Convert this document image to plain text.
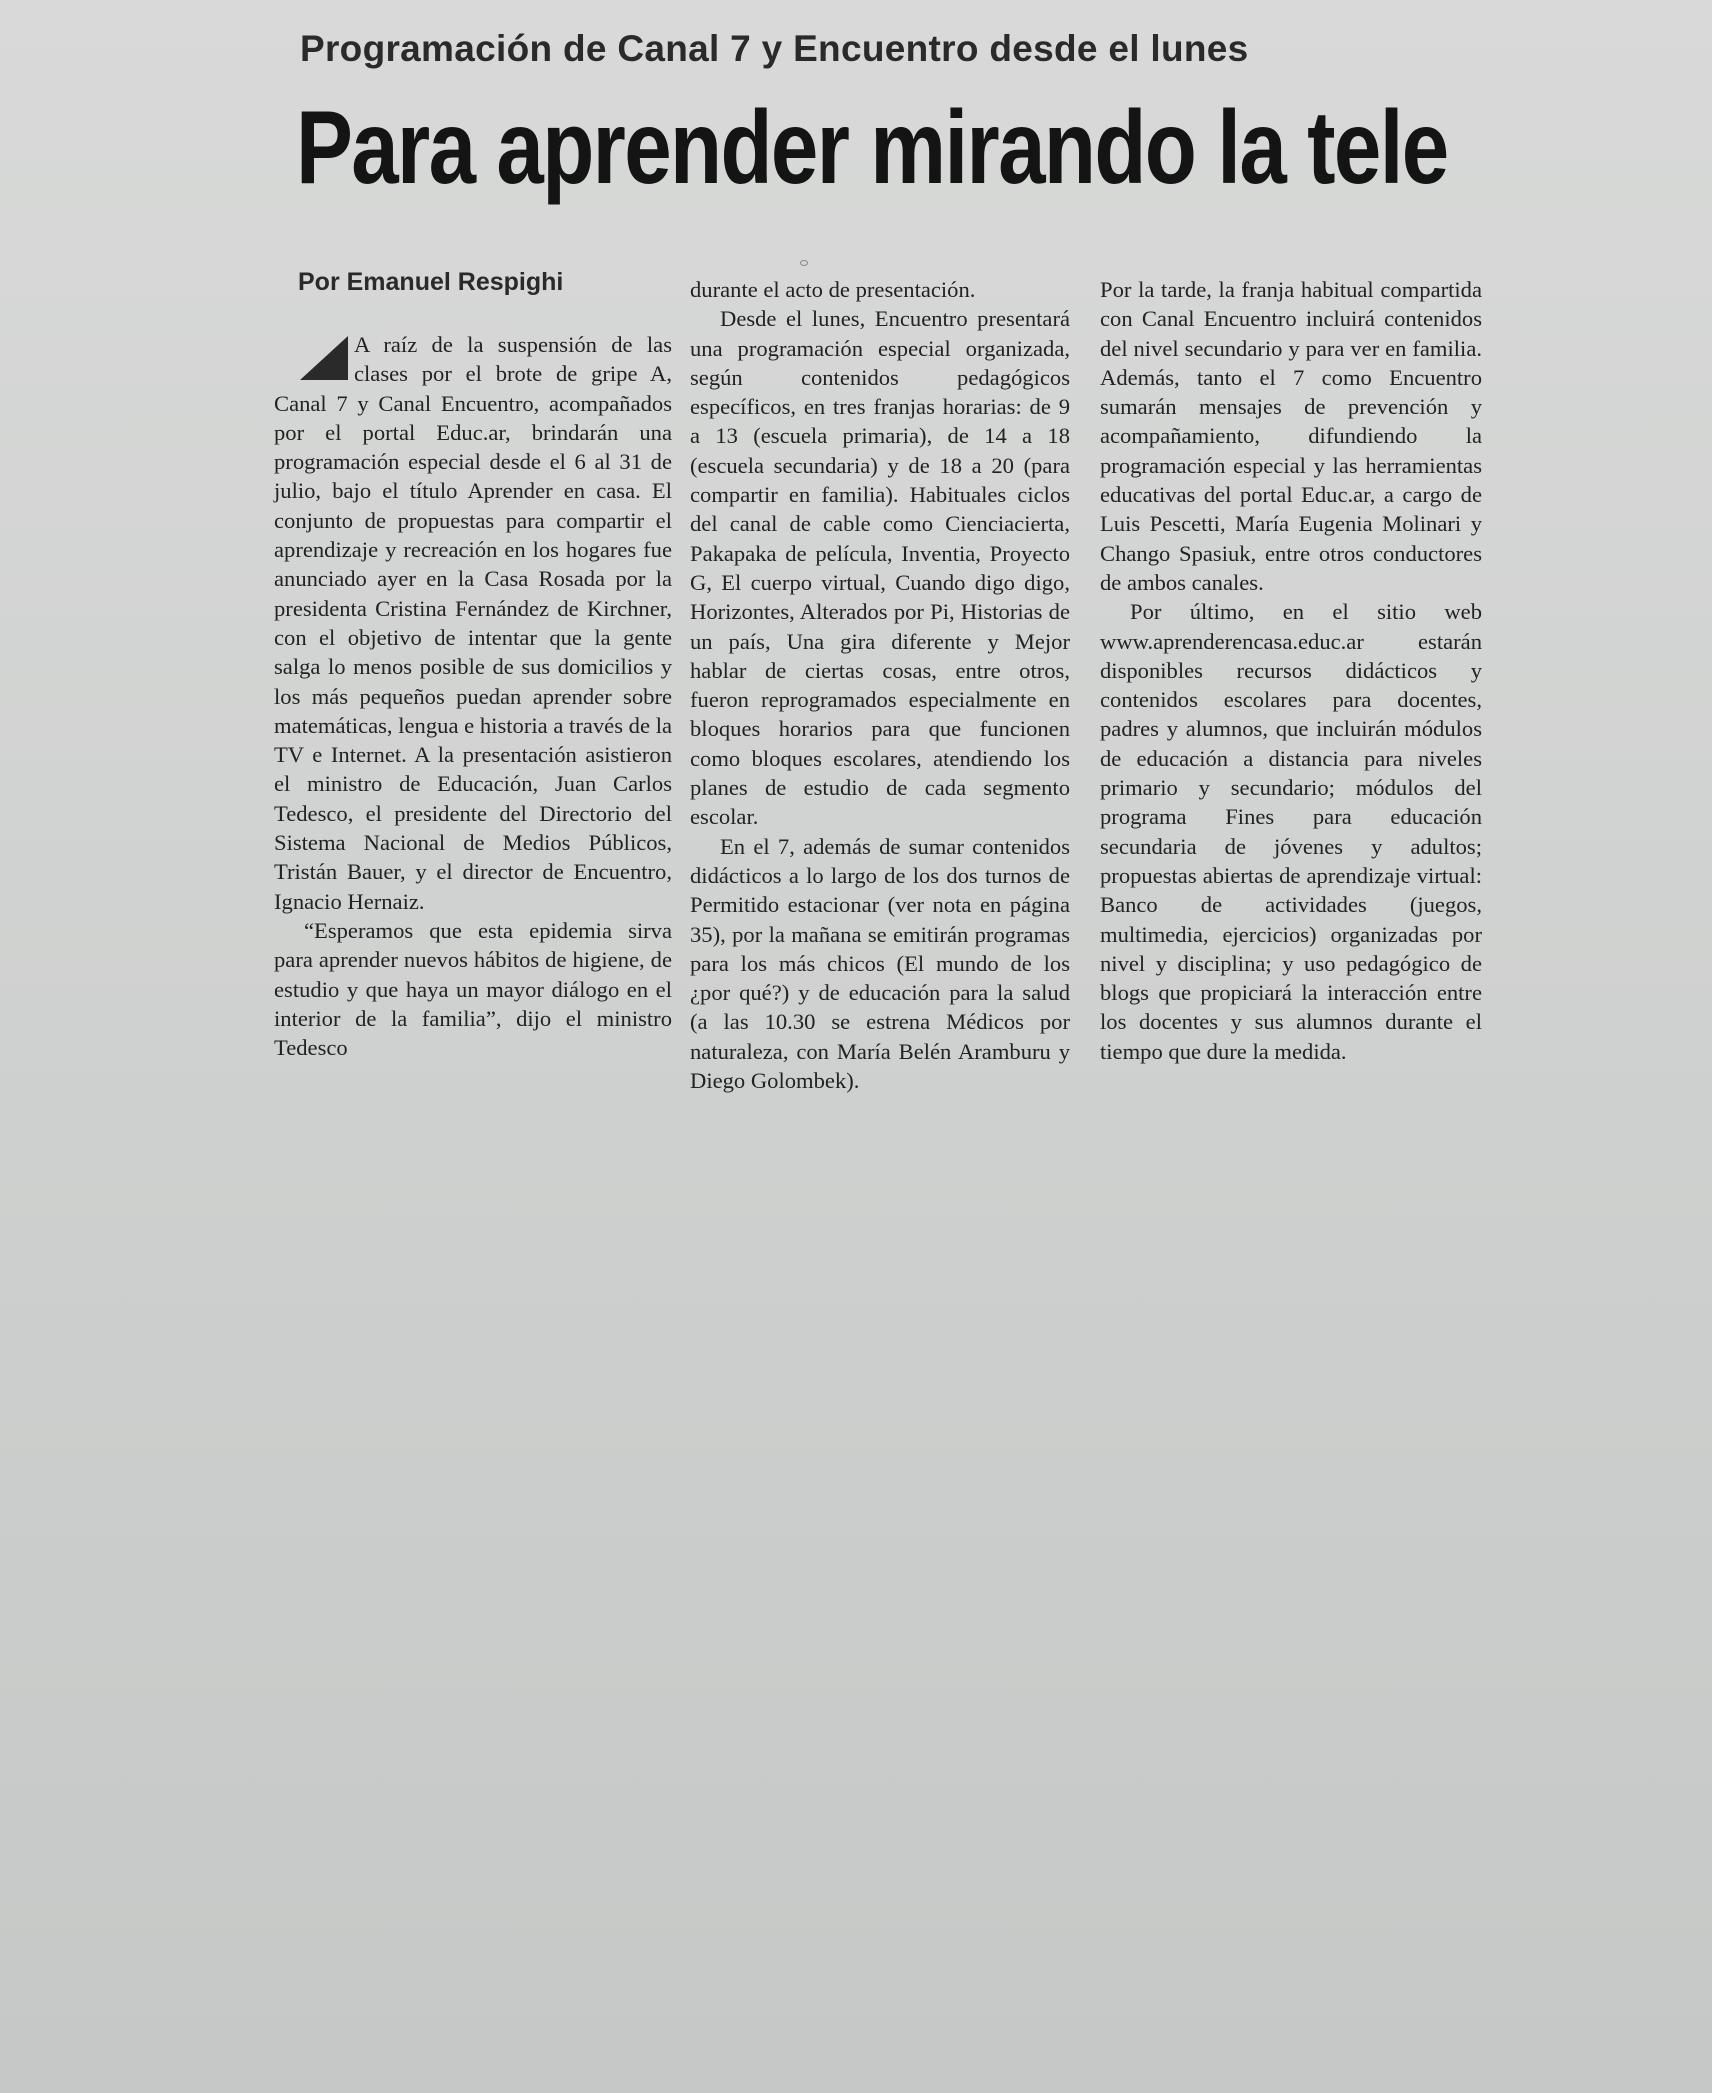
Programación de Canal 7 y Encuentro desde el lunes
Para aprender mirando la tele
Por Emanuel Respighi

A raíz de la suspensión de las clases por el brote de gripe A, Canal 7 y Canal Encuentro, acompañados por el portal Educ.ar, brindarán una programación especial desde el 6 al 31 de julio, bajo el título Aprender en casa. El conjunto de propuestas para compartir el aprendizaje y recreación en los hogares fue anunciado ayer en la Casa Rosada por la presidenta Cristina Fernández de Kirchner, con el objetivo de intentar que la gente salga lo menos posible de sus domicilios y los más pequeños puedan aprender sobre matemáticas, lengua e historia a través de la TV e Internet. A la presentación asistieron el ministro de Educación, Juan Carlos Tedesco, el presidente del Directorio del Sistema Nacional de Medios Públicos, Tristán Bauer, y el director de Encuentro, Ignacio Hernaiz.

“Esperamos que esta epidemia sirva para aprender nuevos hábitos de higiene, de estudio y que haya un mayor diálogo en el interior de la familia”, dijo el ministro Tedesco

durante el acto de presentación.

Desde el lunes, Encuentro presentará una programación especial organizada, según contenidos pedagógicos específicos, en tres franjas horarias: de 9 a 13 (escuela primaria), de 14 a 18 (escuela secundaria) y de 18 a 20 (para compartir en familia). Habituales ciclos del canal de cable como Cienciacierta, Pakapaka de película, Inventia, Proyecto G, El cuerpo virtual, Cuando digo digo, Horizontes, Alterados por Pi, Historias de un país, Una gira diferente y Mejor hablar de ciertas cosas, entre otros, fueron reprogramados especialmente en bloques horarios para que funcionen como bloques escolares, atendiendo los planes de estudio de cada segmento escolar.

En el 7, además de sumar contenidos didácticos a lo largo de los dos turnos de Permitido estacionar (ver nota en página 35), por la mañana se emitirán programas para los más chicos (El mundo de los ¿por qué?) y de educación para la salud (a las 10.30 se estrena Médicos por naturaleza, con María Belén Aramburu y Diego Golombek).

Por la tarde, la franja habitual compartida con Canal Encuentro incluirá contenidos del nivel secundario y para ver en familia. Además, tanto el 7 como Encuentro sumarán mensajes de prevención y acompañamiento, difundiendo la programación especial y las herramientas educativas del portal Educ.ar, a cargo de Luis Pescetti, María Eugenia Molinari y Chango Spasiuk, entre otros conductores de ambos canales.

Por último, en el sitio web www.aprenderencasa.educ.ar estarán disponibles recursos didácticos y contenidos escolares para docentes, padres y alumnos, que incluirán módulos de educación a distancia para niveles primario y secundario; módulos del programa Fines para educación secundaria de jóvenes y adultos; propuestas abiertas de aprendizaje virtual: Banco de actividades (juegos, multimedia, ejercicios) organizadas por nivel y disciplina; y uso pedagógico de blogs que propiciará la interacción entre los docentes y sus alumnos durante el tiempo que dure la medida.
